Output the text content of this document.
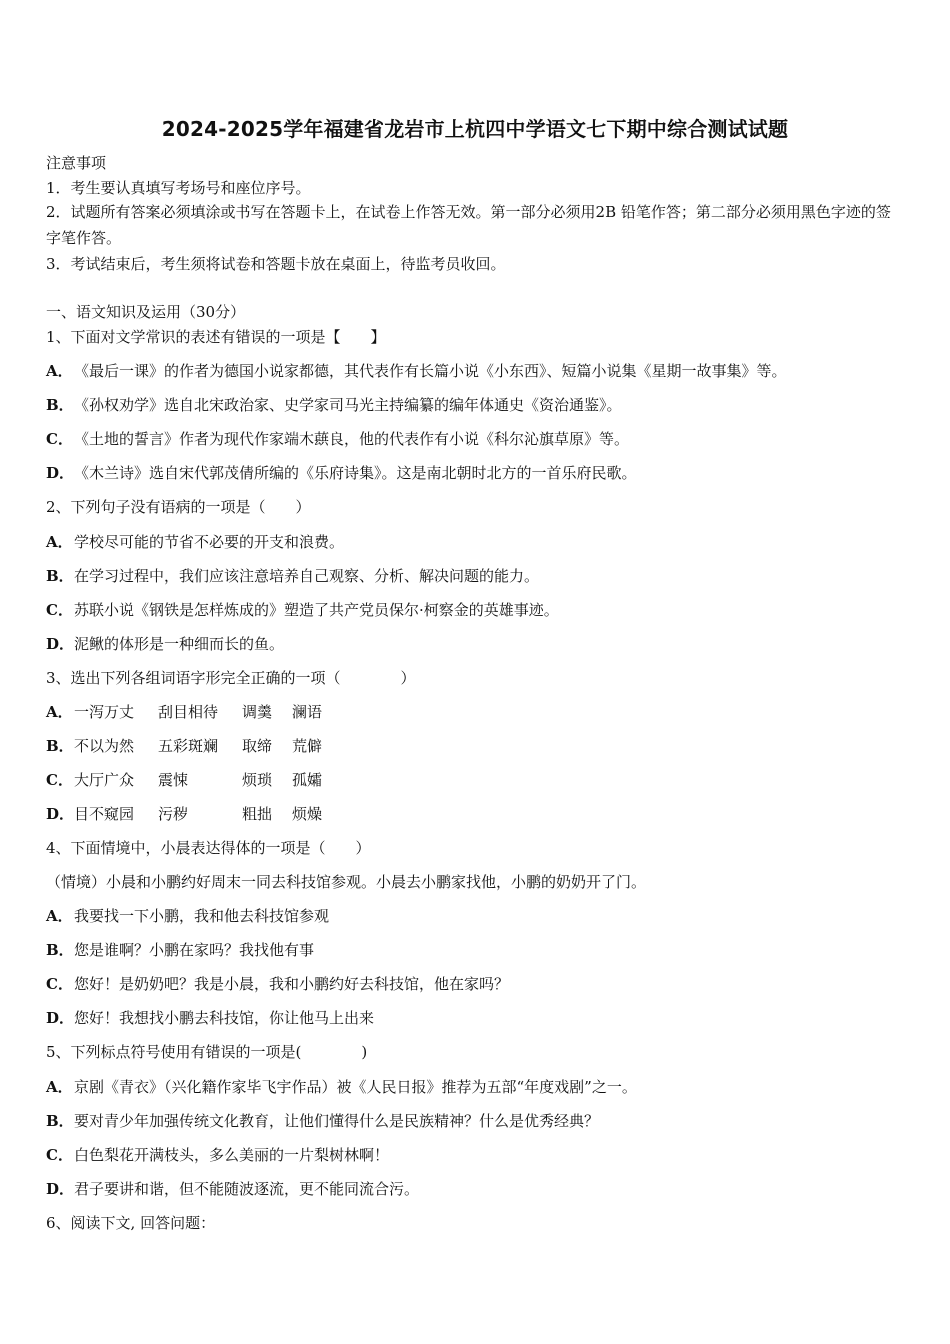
2024-2025学年福建省龙岩市上杭四中学语文七下期中综合测试试题
注意事项
1．考生要认真填写考场号和座位序号。
2．试题所有答案必须填涂或书写在答题卡上，在试卷上作答无效。第一部分必须用2B 铅笔作答；第二部分必须用黑色字迹的签字笔作答。
3．考试结束后，考生须将试卷和答题卡放在桌面上，待监考员收回。
一、语文知识及运用（30分）
1、下面对文学常识的表述有错误的一项是【　　】
A．《最后一课》的作者为德国小说家都德，其代表作有长篇小说《小东西》、短篇小说集《星期一故事集》等。
B．《孙权劝学》选自北宋政治家、史学家司马光主持编纂的编年体通史《资治通鉴》。
C．《土地的誓言》作者为现代作家端木蕻良，他的代表作有小说《科尔沁旗草原》等。
D．《木兰诗》选自宋代郭茂倩所编的《乐府诗集》。这是南北朝时北方的一首乐府民歌。
2、下列句子没有语病的一项是（　　）
A．学校尽可能的节省不必要的开支和浪费。
B．在学习过程中，我们应该注意培养自己观察、分析、解决问题的能力。
C．苏联小说《钢铁是怎样炼成的》塑造了共产党员保尔·柯察金的英雄事迹。
D．泥鳅的体形是一种细而长的鱼。
3、选出下列各组词语字形完全正确的一项（　　　　）
A．一泻万丈 刮目相待 调羹 澜语
B．不以为然 五彩斑斓 取缔 荒僻
C．大厅广众 震悚	烦琐 孤孀
D．目不窥园 污秽	粗拙 烦燥
4、下面情境中，小晨表达得体的一项是（　　）
（情境）小晨和小鹏约好周末一同去科技馆参观。小晨去小鹏家找他，小鹏的奶奶开了门。
A．我要找一下小鹏，我和他去科技馆参观
B．您是谁啊？小鹏在家吗？我找他有事
C．您好！是奶奶吧？我是小晨，我和小鹏约好去科技馆，他在家吗？
D．您好！我想找小鹏去科技馆，你让他马上出来
5、下列标点符号使用有错误的一项是(　　　　)
A．京剧《青衣》（兴化籍作家毕飞宇作品）被《人民日报》推荐为五部“年度戏剧”之一。
B．要对青少年加强传统文化教育，让他们懂得什么是民族精神？什么是优秀经典？
C．白色梨花开满枝头，多么美丽的一片梨树林啊！
D．君子要讲和谐，但不能随波逐流，更不能同流合污。
6、阅读下文, 回答问题：
